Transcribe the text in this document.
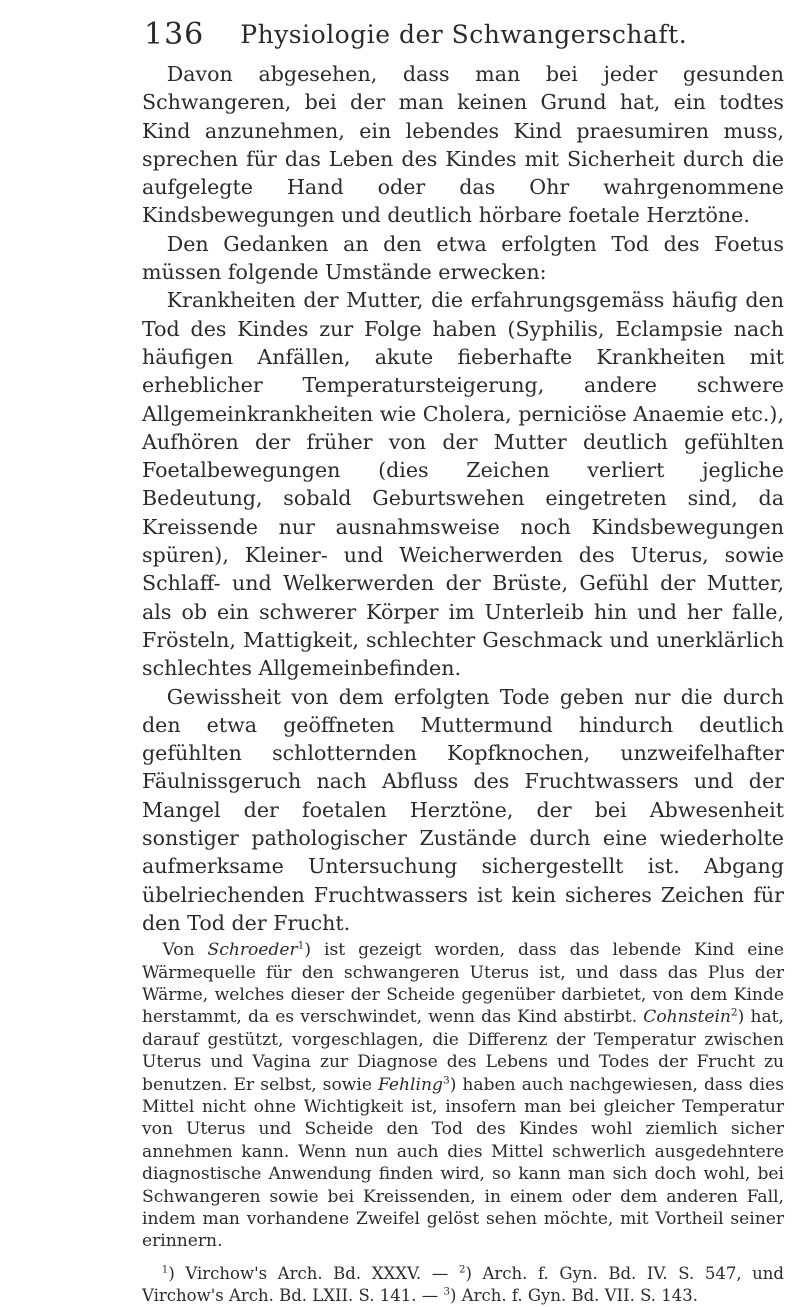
136 Physiologie der Schwangerschaft.

Davon abgesehen, dass man bei jeder gesunden Schwangeren, bei der man keinen Grund hat, ein todtes Kind anzunehmen, ein lebendes Kind praesumiren muss, sprechen für das Leben des Kindes mit Sicherheit durch die aufgelegte Hand oder das Ohr wahrgenommene Kindsbewegungen und deutlich hörbare foetale Herztöne.

Den Gedanken an den etwa erfolgten Tod des Foetus müssen folgende Umstände erwecken:

Krankheiten der Mutter, die erfahrungsgemäss häufig den Tod des Kindes zur Folge haben (Syphilis, Eclampsie nach häufigen Anfällen, akute fieberhafte Krankheiten mit erheblicher Temperatursteigerung, andere schwere Allgemeinkrankheiten wie Cholera, perniciöse Anaemie etc.), Aufhören der früher von der Mutter deutlich gefühlten Foetalbewegungen (dies Zeichen verliert jegliche Bedeutung, sobald Geburtswehen eingetreten sind, da Kreissende nur ausnahmsweise noch Kindsbewegungen spüren), Kleiner- und Weicherwerden des Uterus, sowie Schlaff- und Welkerwerden der Brüste, Gefühl der Mutter, als ob ein schwerer Körper im Unterleib hin und her falle, Frösteln, Mattigkeit, schlechter Geschmack und unerklärlich schlechtes Allgemeinbefinden.

Gewissheit von dem erfolgten Tode geben nur die durch den etwa geöffneten Muttermund hindurch deutlich gefühlten schlotternden Kopfknochen, unzweifelhafter Fäulnissgeruch nach Abfluss des Fruchtwassers und der Mangel der foetalen Herztöne, der bei Abwesenheit sonstiger pathologischer Zustände durch eine wiederholte aufmerksame Untersuchung sichergestellt ist. Abgang übelriechenden Fruchtwassers ist kein sicheres Zeichen für den Tod der Frucht.

Von Schroeder$^1$) ist gezeigt worden, dass das lebende Kind eine Wärmequelle für den schwangeren Uterus ist, und dass das Plus der Wärme, welches dieser der Scheide gegenüber darbietet, von dem Kinde herstammt, da es verschwindet, wenn das Kind abstirbt. Cohnstein$^2$) hat, darauf gestützt, vorgeschlagen, die Differenz der Temperatur zwischen Uterus und Vagina zur Diagnose des Lebens und Todes der Frucht zu benutzen. Er selbst, sowie Fehling$^3$) haben auch nachgewiesen, dass dies Mittel nicht ohne Wichtigkeit ist, insofern man bei gleicher Temperatur von Uterus und Scheide den Tod des Kindes wohl ziemlich sicher annehmen kann. Wenn nun auch dies Mittel schwerlich ausgedehntere diagnostische Anwendung finden wird, so kann man sich doch wohl, bei Schwangeren sowie bei Kreissenden, in einem oder dem anderen Fall, indem man vorhandene Zweifel gelöst sehen möchte, mit Vortheil seiner erinnern.

$^1$) Virchow's Arch. Bd. XXXV. — $^2$) Arch. f. Gyn. Bd. IV. S. 547, und Virchow's Arch. Bd. LXII. S. 141. — $^3$) Arch. f. Gyn. Bd. VII. S. 143.
